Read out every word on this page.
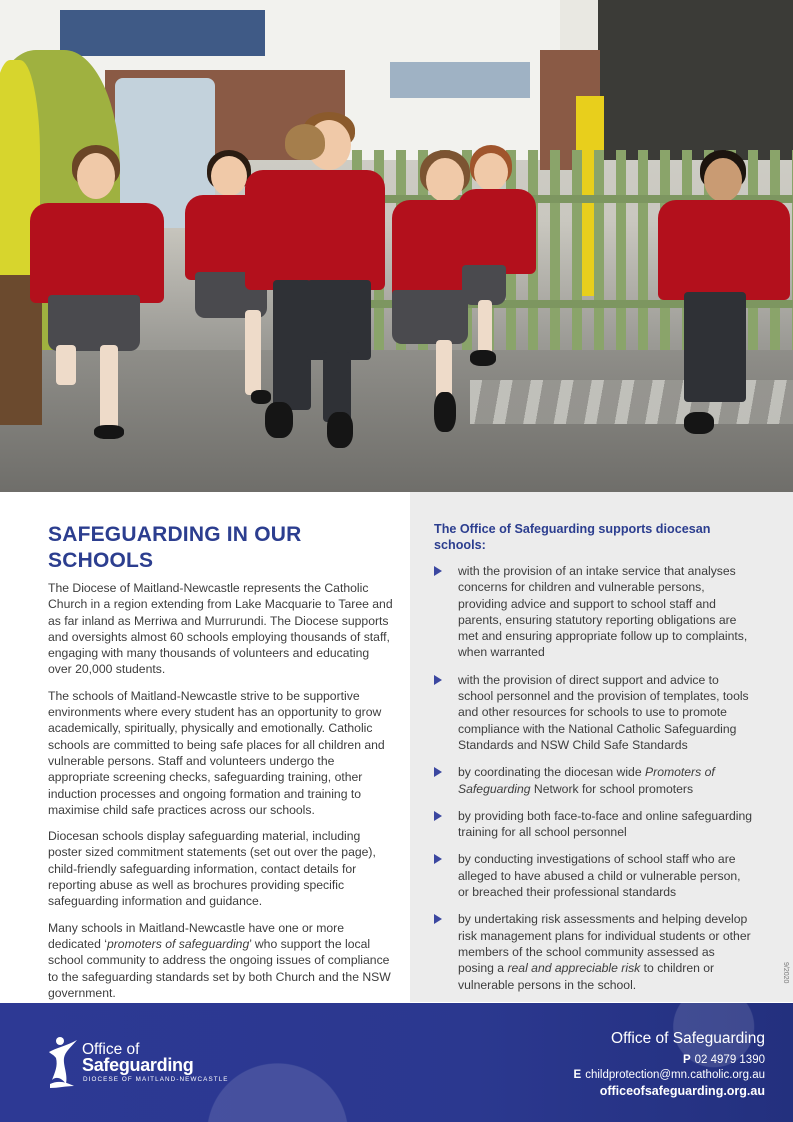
SAFEGUARDING IN OUR SCHOOLS

The Diocese of Maitland-Newcastle represents the Catholic Church in a region extending from Lake Macquarie to Taree and as far inland as Merriwa and Murrurundi. The Diocese supports and oversights almost 60 schools employing thousands of staff, engaging with many thousands of volunteers and educating over 20,000 students.

The schools of Maitland-Newcastle strive to be supportive environments where every student has an opportunity to grow academically, spiritually, physically and emotionally. Catholic schools are committed to being safe places for all children and vulnerable persons. Staff and volunteers undergo the appropriate screening checks, safeguarding training, other induction processes and ongoing formation and training to maximise child safe practices across our schools.

Diocesan schools display safeguarding material, including poster sized commitment statements (set out over the page), child-friendly safeguarding information, contact details for reporting abuse as well as brochures providing specific safeguarding information and guidance.

Many schools in Maitland-Newcastle have one or more dedicated ‘promoters of safeguarding’ who support the local school community to address the ongoing issues of compliance to the safeguarding standards set by both Church and the NSW government.

The Office of Safeguarding supports diocesan schools:
with the provision of an intake service that analyses concerns for children and vulnerable persons, providing advice and support to school staff and parents, ensuring statutory reporting obligations are met and ensuring appropriate follow up to complaints, when warranted
with the provision of direct support and advice to school personnel and the provision of templates, tools and other resources for schools to use to promote compliance with the National Catholic Safeguarding Standards and NSW Child Safe Standards
by coordinating the diocesan wide Promoters of Safeguarding Network for school promoters
by providing both face-to-face and online safeguarding training for all school personnel
by conducting investigations of school staff who are alleged to have abused a child or vulnerable person, or breached their professional standards
by undertaking risk assessments and helping develop risk management plans for individual students or other members of the school community assessed as posing a real and appreciable risk to children or vulnerable persons in the school.
9/2020
Office of
Safeguarding
DIOCESE OF MAITLAND-NEWCASTLE
Office of Safeguarding
P 02 4979 1390
E childprotection@mn.catholic.org.au
officeofsafeguarding.org.au
